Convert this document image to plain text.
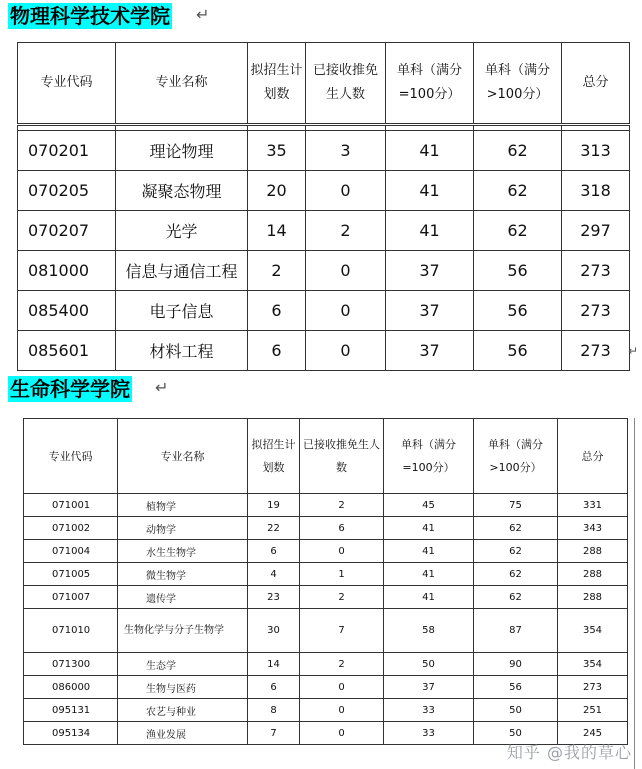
物理科学技术学院 ↵
专业代码	专业名称	拟招生计划数	已接收推免生人数	单科（满分=100分）	单科（满分>100分）	总分

070201	理论物理	35	3	41	62	313
070205	凝聚态物理	20	0	41	62	318
070207	光学	14	2	41	62	297
081000	信息与通信工程	2	0	37	56	273
085400	电子信息	6	0	37	56	273
085601	材料工程	6	0	37	56	273 ↵
生命科学学院 ↵
专业代码	专业名称	拟招生计划数	已接收推免生人数	单科（满分=100分）	单科（满分>100分）	总分
071001	植物学	19	2	45	75	331
071002	动物学	22	6	41	62	343
071004	水生生物学	6	0	41	62	288
071005	微生物学	4	1	41	62	288
071007	遗传学	23	2	41	62	288
071010	生物化学与分子生物学	30	7	58	87	354
071300	生态学	14	2	50	90	354
086000	生物与医药	6	0	37	56	273
095131	农艺与种业	8	0	33	50	251
095134	渔业发展	7	0	33	50	245
知乎 @我的草心
